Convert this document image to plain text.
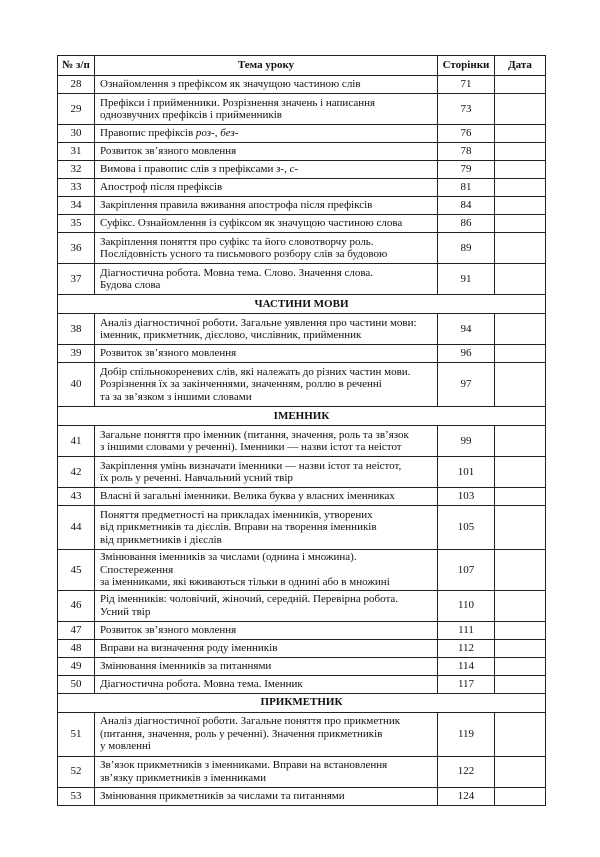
№ з/п	Тема уроку	Сторінки	Дата
28	Ознайомлення з префіксом як значущою частиною слів	71	
29	Префікси і прийменники. Розрізнення значень і написання
однозвучних префіксів і прийменників	73	
30	Правопис префіксів роз-, без-	76	
31	Розвиток зв’язного мовлення	78	
32	Вимова і правопис слів з префіксами з-, с-	79	
33	Апостроф після префіксів	81	
34	Закріплення правила вживання апострофа після префіксів	84	
35	Суфікс. Ознайомлення із суфіксом як значущою частиною слова	86	
36	Закріплення поняття про суфікс та його словотворчу роль.
Послідовність усного та письмового розбору слів за будовою	89	
37	Діагностична робота. Мовна тема. Слово. Значення слова.
Будова слова	91	
ЧАСТИНИ МОВИ			
38	Аналіз діагностичної роботи. Загальне уявлення про частини мови:
іменник, прикметник, дієслово, числівник, прийменник	94	
39	Розвиток зв’язного мовлення	96	
40	Добір спільнокореневих слів, які належать до різних частин мови.
Розрізнення їх за закінченнями, значенням, роллю в реченні
та за зв’язком з іншими словами	97	
ІМЕННИК			
41	Загальне поняття про іменник (питання, значення, роль та зв’язок
з іншими словами у реченні). Іменники — назви істот та неістот	99	
42	Закріплення умінь визначати іменники — назви істот та неістот,
їх роль у реченні. Навчальний усний твір	101	
43	Власні й загальні іменники. Велика буква у власних іменниках	103	
44	Поняття предметності на прикладах іменників, утворених
від прикметників та дієслів. Вправи на творення іменників
від прикметників і дієслів	105	
45	Змінювання іменників за числами (однина і множина). Спостереження
за іменниками, які вживаються тільки в однині або в множині	107	
46	Рід іменників: чоловічий, жіночий, середній. Перевірна робота.
Усний твір	110	
47	Розвиток зв’язного мовлення	111	
48	Вправи на визначення роду іменників	112	
49	Змінювання іменників за питаннями	114	
50	Діагностична робота. Мовна тема. Іменник	117	
ПРИКМЕТНИК			
51	Аналіз діагностичної роботи. Загальне поняття про прикметник
(питання, значення, роль у реченні). Значення прикметників
у мовленні	119	
52	Зв’язок прикметників з іменниками. Вправи на встановлення
зв’язку прикметників з іменниками	122	
53	Змінювання прикметників за числами та питаннями	124	
